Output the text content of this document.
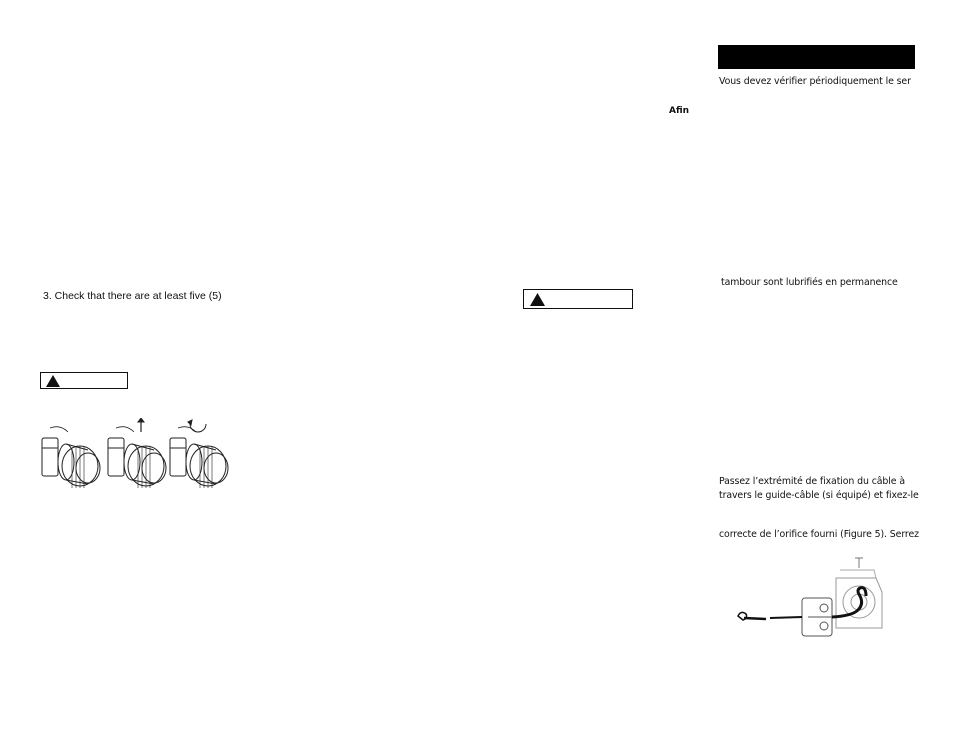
3. Check that there are at least five (5)
Vous devez vérifier périodiquement le ser
Afin
tambour sont lubrifiés en permanence
Passez l’extrémité de fixation du câble à
travers le guide-câble (si équipé) et fixez-le
correcte de l’orifice fourni (Figure 5). Serrez
